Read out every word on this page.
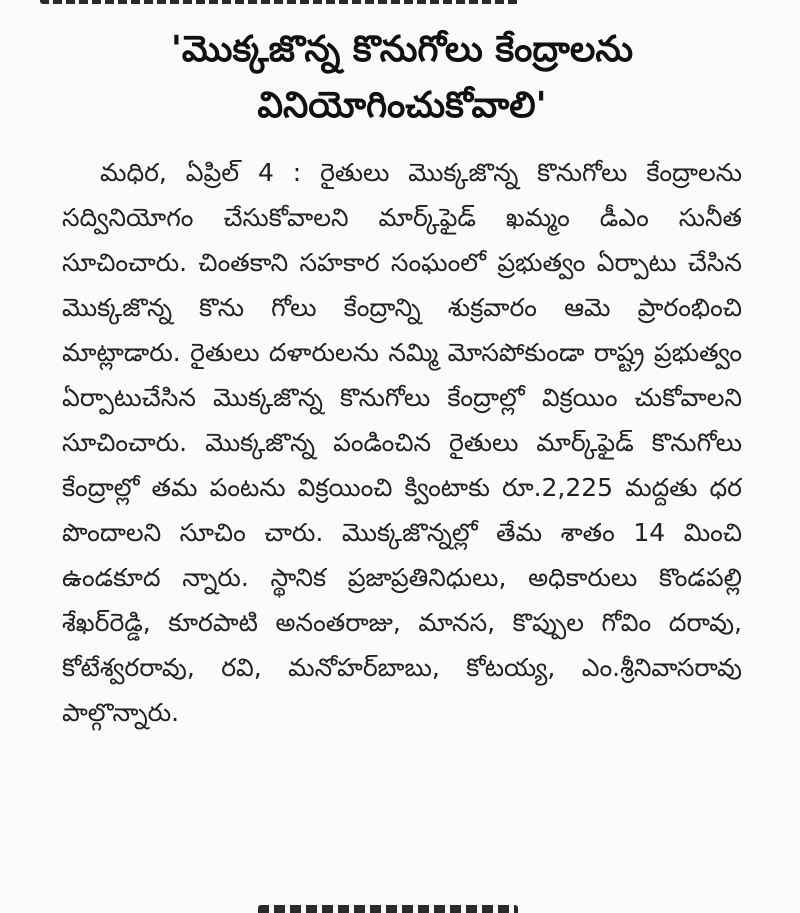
'మొక్కజొన్న కొనుగోలు కేంద్రాలను
వినియోగించుకోవాలి'

మధిర, ఏప్రిల్ 4 : రైతులు మొక్కజొన్న కొనుగోలు కేంద్రాలను సద్వినియోగం చేసుకోవాలని మార్క్‌ఫైడ్ ఖమ్మం డీఎం సునీత సూచించారు. చింతకాని సహకార సంఘంలో ప్రభుత్వం ఏర్పాటు చేసిన మొక్కజొన్న కొను గోలు కేంద్రాన్ని శుక్రవారం ఆమె ప్రారంభించి మాట్లాడారు. రైతులు దళారులను నమ్మి మోసపోకుండా రాష్ట్ర ప్రభుత్వం ఏర్పాటుచేసిన మొక్కజొన్న కొనుగోలు కేంద్రాల్లో విక్రయిం చుకోవాలని సూచించారు. మొక్కజొన్న పండించిన రైతులు మార్క్‌ఫైడ్ కొనుగోలు కేంద్రాల్లో తమ పంటను విక్రయించి క్వింటాకు రూ.2,225 మద్దతు ధర పొందాలని సూచిం చారు. మొక్కజొన్నల్లో తేమ శాతం 14 మించి ఉండకూద న్నారు. స్థానిక ప్రజాప్రతినిధులు, అధికారులు కొండపల్లి శేఖర్‌రెడ్డి, కూరపాటి అనంతరాజు, మానస, కొప్పుల గోవిం దరావు, కోటేశ్వరరావు, రవి, మనోహర్‌బాబు, కోటయ్య, ఎం.శ్రీనివాసరావు పాల్గొన్నారు.
